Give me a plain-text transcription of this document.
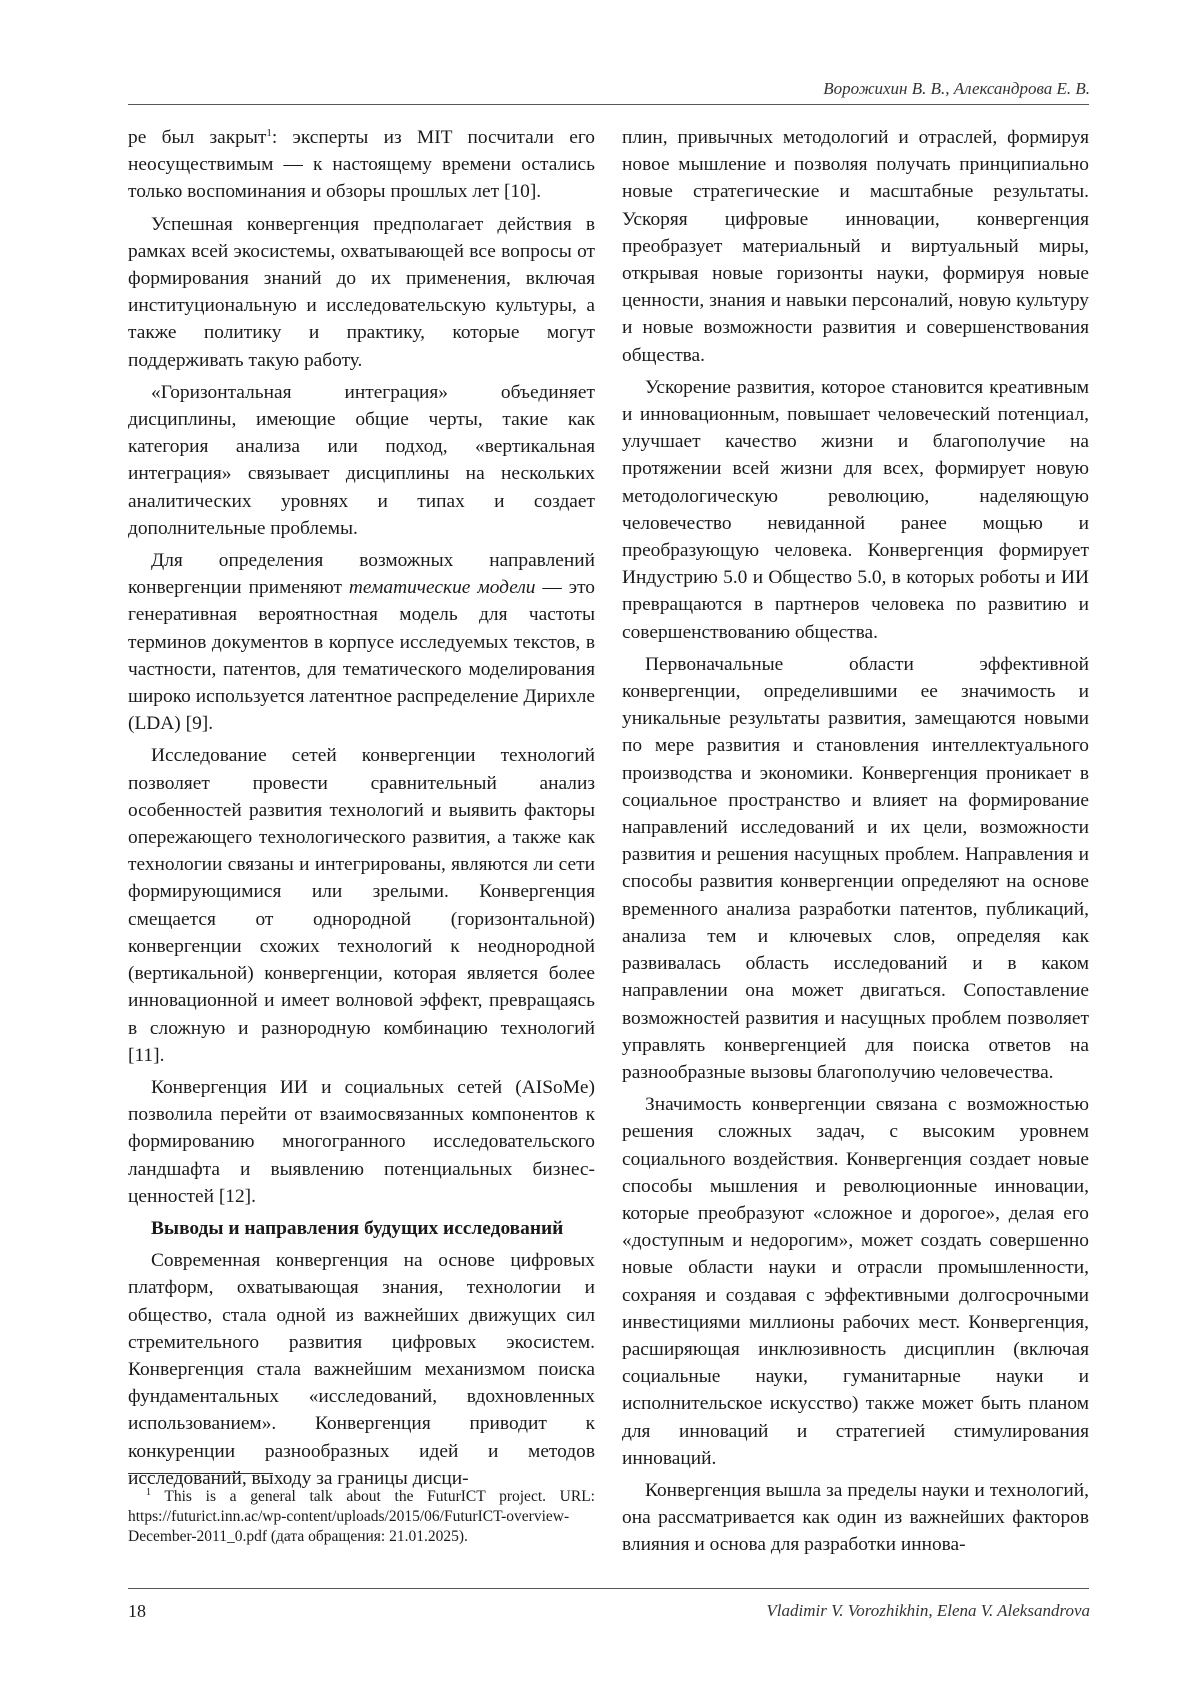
Ворожихин В. В., Александрова Е. В.

ре был закрыт$^1$: эксперты из MIT посчитали его неосуществимым — к настоящему времени остались только воспоминания и обзоры прошлых лет [10].

Успешная конвергенция предполагает действия в рамках всей экосистемы, охватывающей все вопросы от формирования знаний до их применения, включая институциональную и исследовательскую культуры, а также политику и практику, которые могут поддерживать такую работу.

«Горизонтальная интеграция» объединяет дисциплины, имеющие общие черты, такие как категория анализа или подход, «вертикальная интеграция» связывает дисциплины на нескольких аналитических уровнях и типах и создает дополнительные проблемы.

Для определения возможных направлений конвергенции применяют тематические модели — это генеративная вероятностная модель для частоты терминов документов в корпусе исследуемых текстов, в частности, патентов, для тематического моделирования широко используется латентное распределение Дирихле (LDA) [9].

Исследование сетей конвергенции технологий позволяет провести сравнительный анализ особенностей развития технологий и выявить факторы опережающего технологического развития, а также как технологии связаны и интегрированы, являются ли сети формирующимися или зрелыми. Конвергенция смещается от однородной (горизонтальной) конвергенции схожих технологий к неоднородной (вертикальной) конвергенции, которая является более инновационной и имеет волновой эффект, превращаясь в сложную и разнородную комбинацию технологий [11].

Конвергенция ИИ и социальных сетей (AISoMe) позволила перейти от взаимосвязанных компонентов к формированию многогранного исследовательского ландшафта и выявлению потенциальных бизнес-ценностей [12].

Выводы и направления будущих исследований

Современная конвергенция на основе цифровых платформ, охватывающая знания, технологии и общество, стала одной из важнейших движущих сил стремительного развития цифровых экосистем. Конвергенция стала важнейшим механизмом поиска фундаментальных «исследований, вдохновленных использованием». Конвергенция приводит к конкуренции разнообразных идей и методов исследований, выходу за границы дисци-

$^1$ This is a general talk about the FuturICT project. URL: https://futurict.inn.ac/wp-content/uploads/2015/06/FuturICT-overview-December-2011_0.pdf (дата обращения: 21.01.2025).

плин, привычных методологий и отраслей, формируя новое мышление и позволяя получать принципиально новые стратегические и масштабные результаты. Ускоряя цифровые инновации, конвергенция преобразует материальный и виртуальный миры, открывая новые горизонты науки, формируя новые ценности, знания и навыки персоналий, новую культуру и новые возможности развития и совершенствования общества.

Ускорение развития, которое становится креативным и инновационным, повышает человеческий потенциал, улучшает качество жизни и благополучие на протяжении всей жизни для всех, формирует новую методологическую революцию, наделяющую человечество невиданной ранее мощью и преобразующую человека. Конвергенция формирует Индустрию 5.0 и Общество 5.0, в которых роботы и ИИ превращаются в партнеров человека по развитию и совершенствованию общества.

Первоначальные области эффективной конвергенции, определившими ее значимость и уникальные результаты развития, замещаются новыми по мере развития и становления интеллектуального производства и экономики. Конвергенция проникает в социальное пространство и влияет на формирование направлений исследований и их цели, возможности развития и решения насущных проблем. Направления и способы развития конвергенции определяют на основе временного анализа разработки патентов, публикаций, анализа тем и ключевых слов, определяя как развивалась область исследований и в каком направлении она может двигаться. Сопоставление возможностей развития и насущных проблем позволяет управлять конвергенцией для поиска ответов на разнообразные вызовы благополучию человечества.

Значимость конвергенции связана с возможностью решения сложных задач, с высоким уровнем социального воздействия. Конвергенция создает новые способы мышления и революционные инновации, которые преобразуют «сложное и дорогое», делая его «доступным и недорогим», может создать совершенно новые области науки и отрасли промышленности, сохраняя и создавая с эффективными долгосрочными инвестициями миллионы рабочих мест. Конвергенция, расширяющая инклюзивность дисциплин (включая социальные науки, гуманитарные науки и исполнительское искусство) также может быть планом для инноваций и стратегией стимулирования инноваций.

Конвергенция вышла за пределы науки и технологий, она рассматривается как один из важнейших факторов влияния и основа для разработки иннова-

18	Vladimir V. Vorozhikhin, Elena V. Aleksandrova
